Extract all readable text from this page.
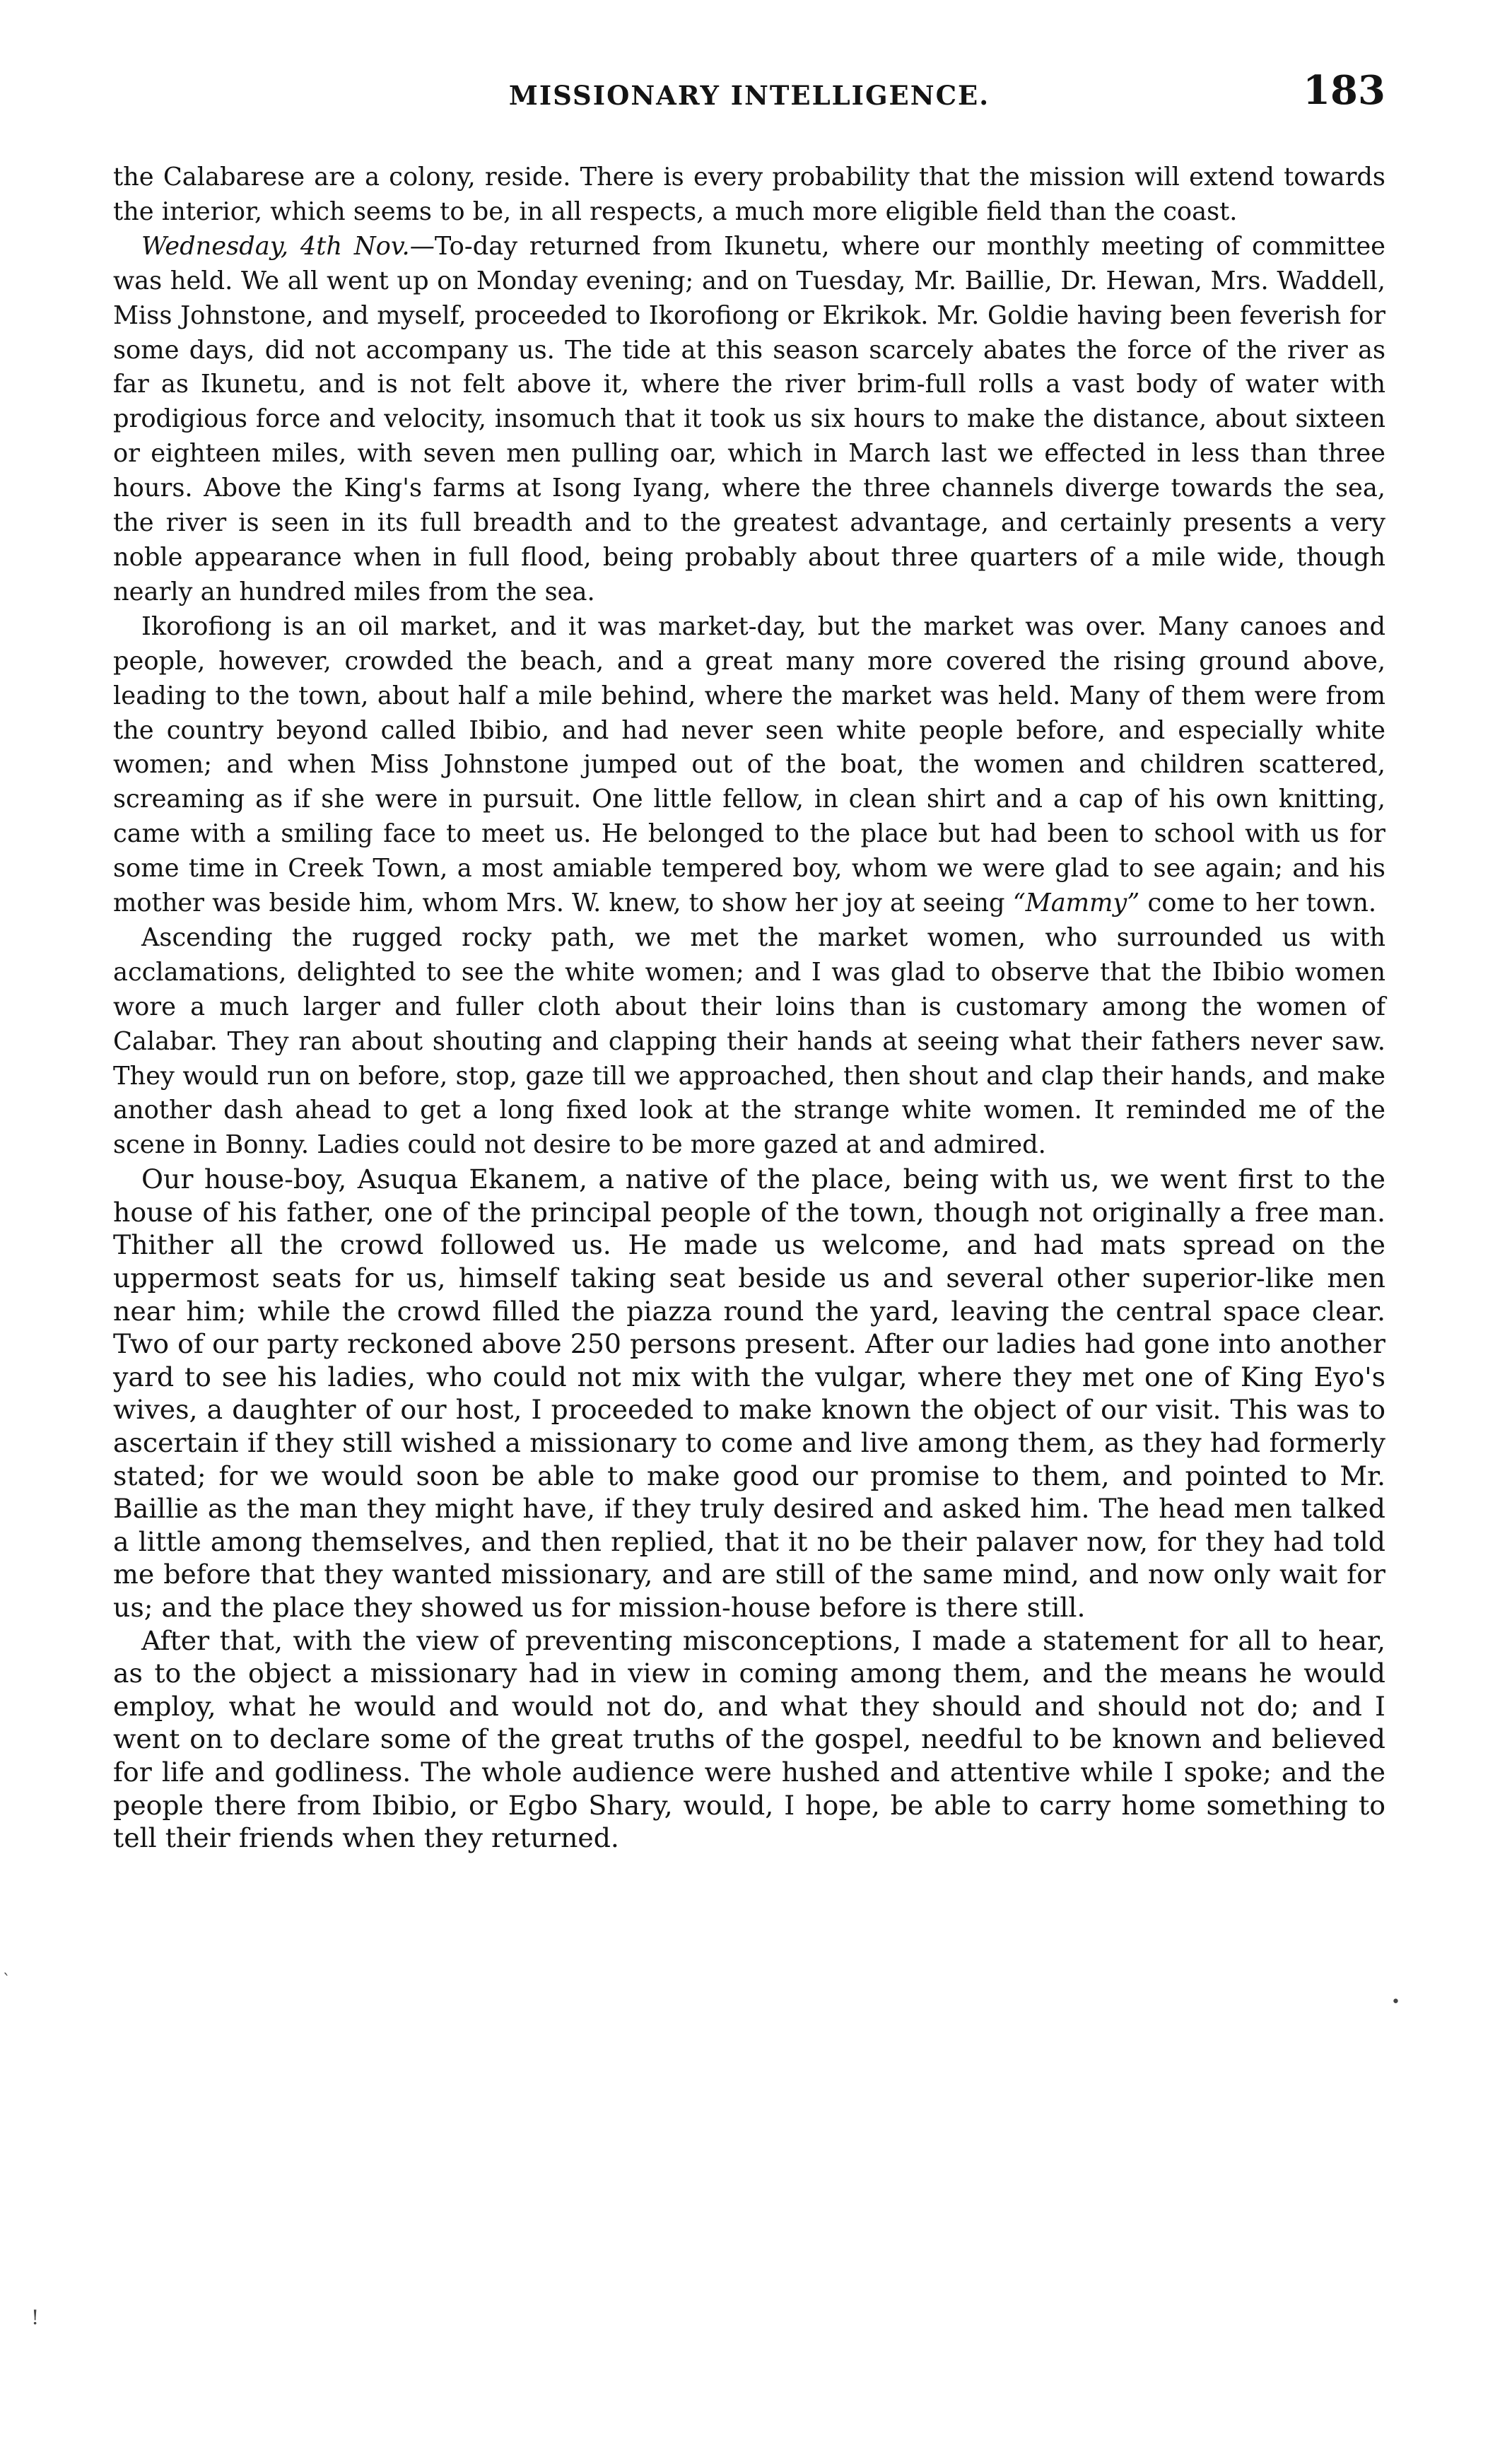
MISSIONARY INTELLIGENCE.	183

the Calabarese are a colony, reside. There is every probability that the mission will extend towards the interior, which seems to be, in all respects, a much more eligible field than the coast.

Wednesday, 4th Nov.—To-day returned from Ikunetu, where our monthly meeting of committee was held. We all went up on Monday evening; and on Tuesday, Mr. Baillie, Dr. Hewan, Mrs. Waddell, Miss Johnstone, and myself, proceeded to Ikorofiong or Ekrikok. Mr. Goldie having been feverish for some days, did not accompany us. The tide at this season scarcely abates the force of the river as far as Ikunetu, and is not felt above it, where the river brim-full rolls a vast body of water with prodigious force and velocity, insomuch that it took us six hours to make the distance, about sixteen or eighteen miles, with seven men pulling oar, which in March last we effected in less than three hours. Above the King's farms at Isong Iyang, where the three channels diverge towards the sea, the river is seen in its full breadth and to the greatest advantage, and certainly presents a very noble appearance when in full flood, being probably about three quarters of a mile wide, though nearly an hundred miles from the sea.

Ikorofiong is an oil market, and it was market-day, but the market was over. Many canoes and people, however, crowded the beach, and a great many more covered the rising ground above, leading to the town, about half a mile behind, where the market was held. Many of them were from the country beyond called Ibibio, and had never seen white people before, and especially white women; and when Miss Johnstone jumped out of the boat, the women and children scattered, screaming as if she were in pursuit. One little fellow, in clean shirt and a cap of his own knitting, came with a smiling face to meet us. He belonged to the place but had been to school with us for some time in Creek Town, a most amiable tempered boy, whom we were glad to see again; and his mother was beside him, whom Mrs. W. knew, to show her joy at seeing “Mammy” come to her town.

Ascending the rugged rocky path, we met the market women, who surrounded us with acclamations, delighted to see the white women; and I was glad to observe that the Ibibio women wore a much larger and fuller cloth about their loins than is customary among the women of Calabar. They ran about shouting and clapping their hands at seeing what their fathers never saw. They would run on before, stop, gaze till we approached, then shout and clap their hands, and make another dash ahead to get a long fixed look at the strange white women. It reminded me of the scene in Bonny. Ladies could not desire to be more gazed at and admired.

Our house-boy, Asuqua Ekanem, a native of the place, being with us, we went first to the house of his father, one of the principal people of the town, though not originally a free man. Thither all the crowd followed us. He made us welcome, and had mats spread on the uppermost seats for us, himself taking seat beside us and several other superior-like men near him; while the crowd filled the piazza round the yard, leaving the central space clear. Two of our party reckoned above 250 persons present. After our ladies had gone into another yard to see his ladies, who could not mix with the vulgar, where they met one of King Eyo's wives, a daughter of our host, I proceeded to make known the object of our visit. This was to ascertain if they still wished a missionary to come and live among them, as they had formerly stated; for we would soon be able to make good our promise to them, and pointed to Mr. Baillie as the man they might have, if they truly desired and asked him. The head men talked a little among themselves, and then replied, that it no be their palaver now, for they had told me before that they wanted missionary, and are still of the same mind, and now only wait for us; and the place they showed us for mission-house before is there still.

After that, with the view of preventing misconceptions, I made a statement for all to hear, as to the object a missionary had in view in coming among them, and the means he would employ, what he would and would not do, and what they should and should not do; and I went on to declare some of the great truths of the gospel, needful to be known and believed for life and godliness. The whole audience were hushed and attentive while I spoke; and the people there from Ibibio, or Egbo Shary, would, I hope, be able to carry home something to tell their friends when they returned.

`
•
!
